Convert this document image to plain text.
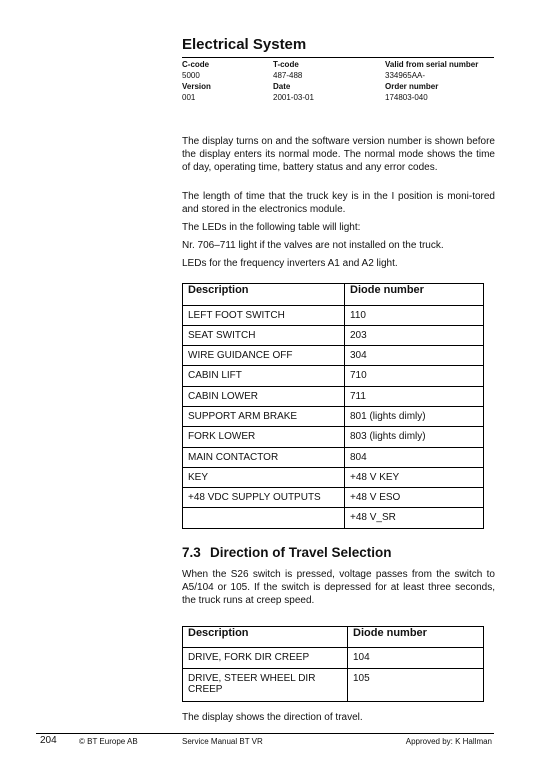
Electrical System
C-code	T-code	Valid from serial number
5000	487-488	334965AA-
Version	Date	Order number
001	2001-03-01	174803-040

The display turns on and the software version number is shown before the display enters its normal mode. The normal mode shows the time of day, operating time, battery status and any error codes.

The length of time that the truck key is in the I position is moni-tored and stored in the electronics module.

The LEDs in the following table will light:

Nr. 706–711 light if the valves are not installed on the truck.

LEDs for the frequency inverters A1 and A2 light.

Description	Diode number
LEFT FOOT SWITCH	110
SEAT SWITCH	203
WIRE GUIDANCE OFF	304
CABIN LIFT	710
CABIN LOWER	711
SUPPORT ARM BRAKE	801 (lights dimly)
FORK LOWER	803 (lights dimly)
MAIN CONTACTOR	804
KEY	+48 V KEY
+48 VDC SUPPLY OUTPUTS	+48 V ESO
	+48 V_SR
7.3 Direction of Travel Selection

When the S26 switch is pressed, voltage passes from the switch to A5/104 or 105. If the switch is depressed for at least three seconds, the truck runs at creep speed.

Description	Diode number
DRIVE, FORK DIR CREEP	104
DRIVE, STEER WHEEL DIR CREEP	105

The display shows the direction of travel.

204	© BT Europe AB	Service Manual BT VR	Approved by: K Hallman
